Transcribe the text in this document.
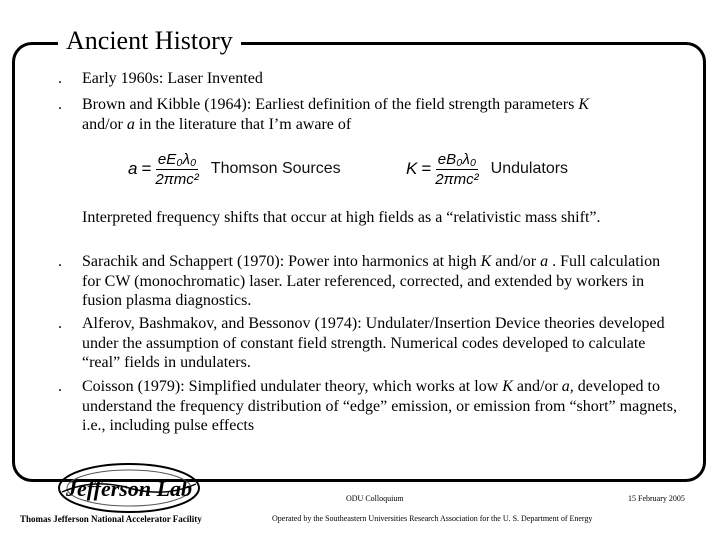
Ancient History
. Early 1960s: Laser Invented
. Brown and Kibble (1964): Earliest definition of the field strength parameters K
and/or a in the literature that I’m aware of
$a = \frac{\text{eE₀λ₀}}{\text{2πmc²}}$ Thomson Sources	$K = \frac{\text{eB₀λ₀}}{\text{2πmc²}}$ Undulators
Interpreted frequency shifts that occur at high fields as a “relativistic mass shift”.
. Sarachik and Schappert (1970): Power into harmonics at high K and/or a . Full calculation for CW (monochromatic) laser. Later referenced, corrected, and extended by workers in fusion plasma diagnostics.
. Alferov, Bashmakov, and Bessonov (1974): Undulater/Insertion Device theories developed under the assumption of constant field strength. Numerical codes developed to calculate “real” fields in undulaters.
. Coisson (1979): Simplified undulater theory, which works at low K and/or a, developed to understand the frequency distribution of “edge” emission, or emission from “short” magnets, i.e., including pulse effects
Jefferson Lab	ODU Colloquium	15 February 2005
Thomas Jefferson National Accelerator Facility	Operated by the Southeastern Universities Research Association for the U. S. Department of Energy
